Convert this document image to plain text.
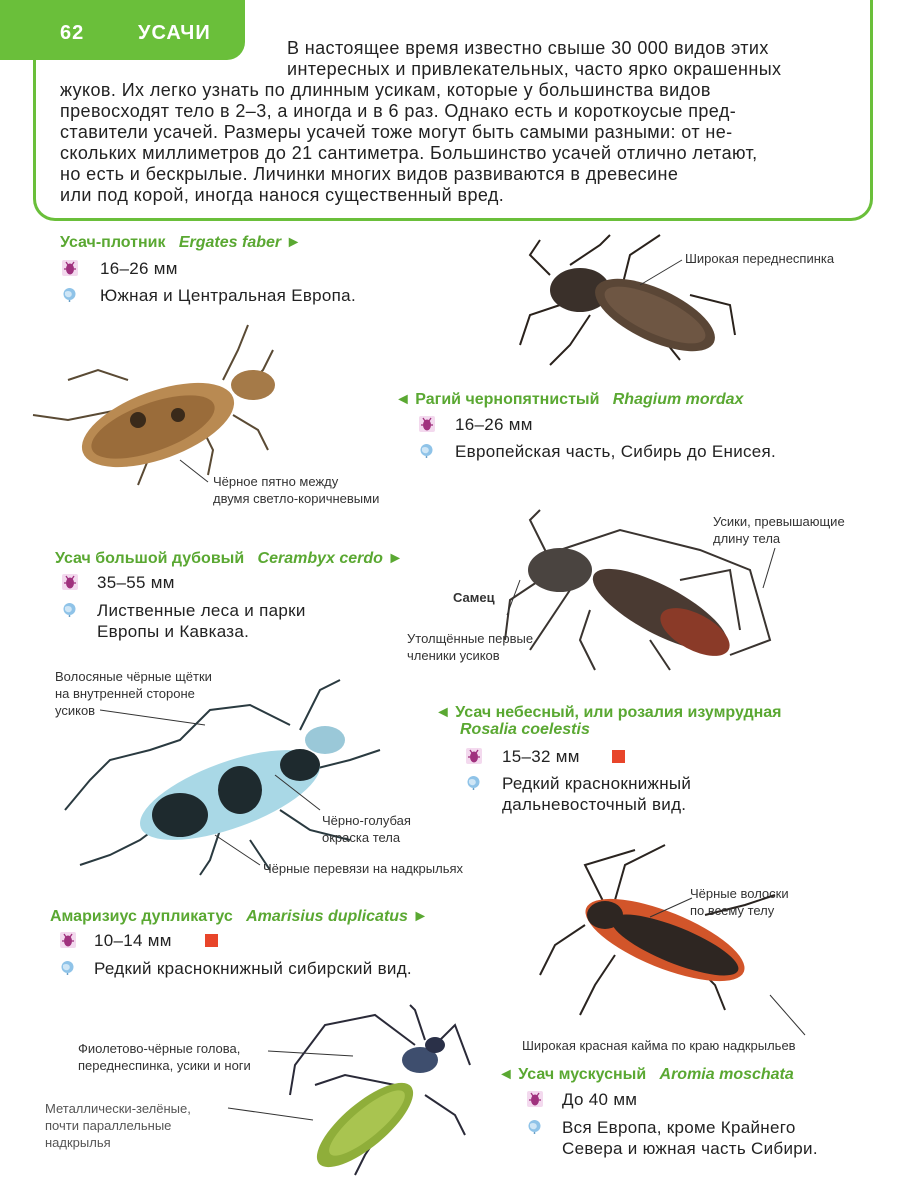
62	УСАЧИ
В настоящее время известно свыше 30 000 видов этих
интересных и привлекательных, часто ярко окрашенных
жуков. Их легко узнать по длинным усикам, которые у большинства видов
превосходят тело в 2–3, а иногда и в 6 раз. Однако есть и короткоусые пред-
ставители усачей. Размеры усачей тоже могут быть самыми разными: от не-
скольких миллиметров до 21 сантиметра. Большинство усачей отлично летают,
но есть и бескрылые. Личинки многих видов развиваются в древесине
или под корой, иногда нанося существенный вред.
Усач-плотник Ergates faber ►
16–26 мм
Южная и Центральная Европа.
Широкая переднеспинка
Чёрное пятно между
двумя светло-коричневыми
◄ Рагий чернопятнистый Rhagium mordax
16–26 мм
Европейская часть, Сибирь до Енисея.
Усач большой дубовый Cerambyx cerdo ►
35–55 мм
Лиственные леса и парки
Европы и Кавказа.
Усики, превышающие
длину тела
Самец
Утолщённые первые
членики усиков
Волосяные чёрные щётки
на внутренней стороне
усиков
Чёрно-голубая
окраска тела
Чёрные перевязи на надкрыльях
◄ Усач небесный, или розалия изумрудная
Rosalia coelestis
15–32 мм
Редкий краснокнижный
дальневосточный вид.
Амаризиус дупликатус Amarisius duplicatus ►
10–14 мм
Редкий краснокнижный сибирский вид.
Чёрные волоски
по всему телу
Широкая красная кайма по краю надкрыльев
Фиолетово-чёрные голова,
переднеспинка, усики и ноги
Металлически-зелёные,
почти параллельные
надкрылья
◄ Усач мускусный Aromia moschata
До 40 мм
Вся Европа, кроме Крайнего
Севера и южная часть Сибири.
